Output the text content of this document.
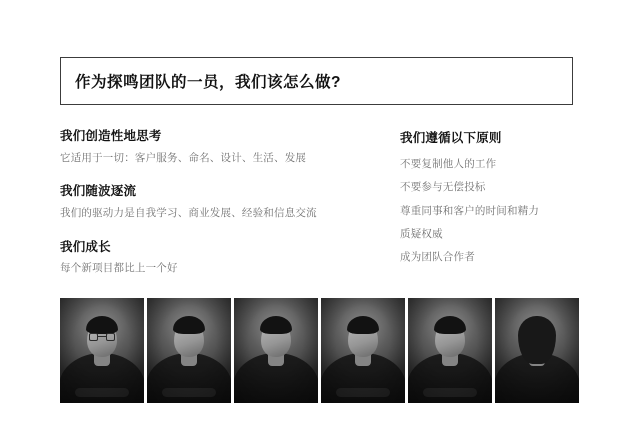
作为探鸣团队的一员，我们该怎么做?
我们创造性地思考
它适用于一切：客户服务、命名、设计、生活、发展
我们随波逐流
我们的驱动力是自我学习、商业发展、经验和信息交流
我们成长
每个新项目都比上一个好
我们遵循以下原则
不要复制他人的工作
不要参与无偿投标
尊重同事和客户的时间和精力
质疑权威
成为团队合作者
